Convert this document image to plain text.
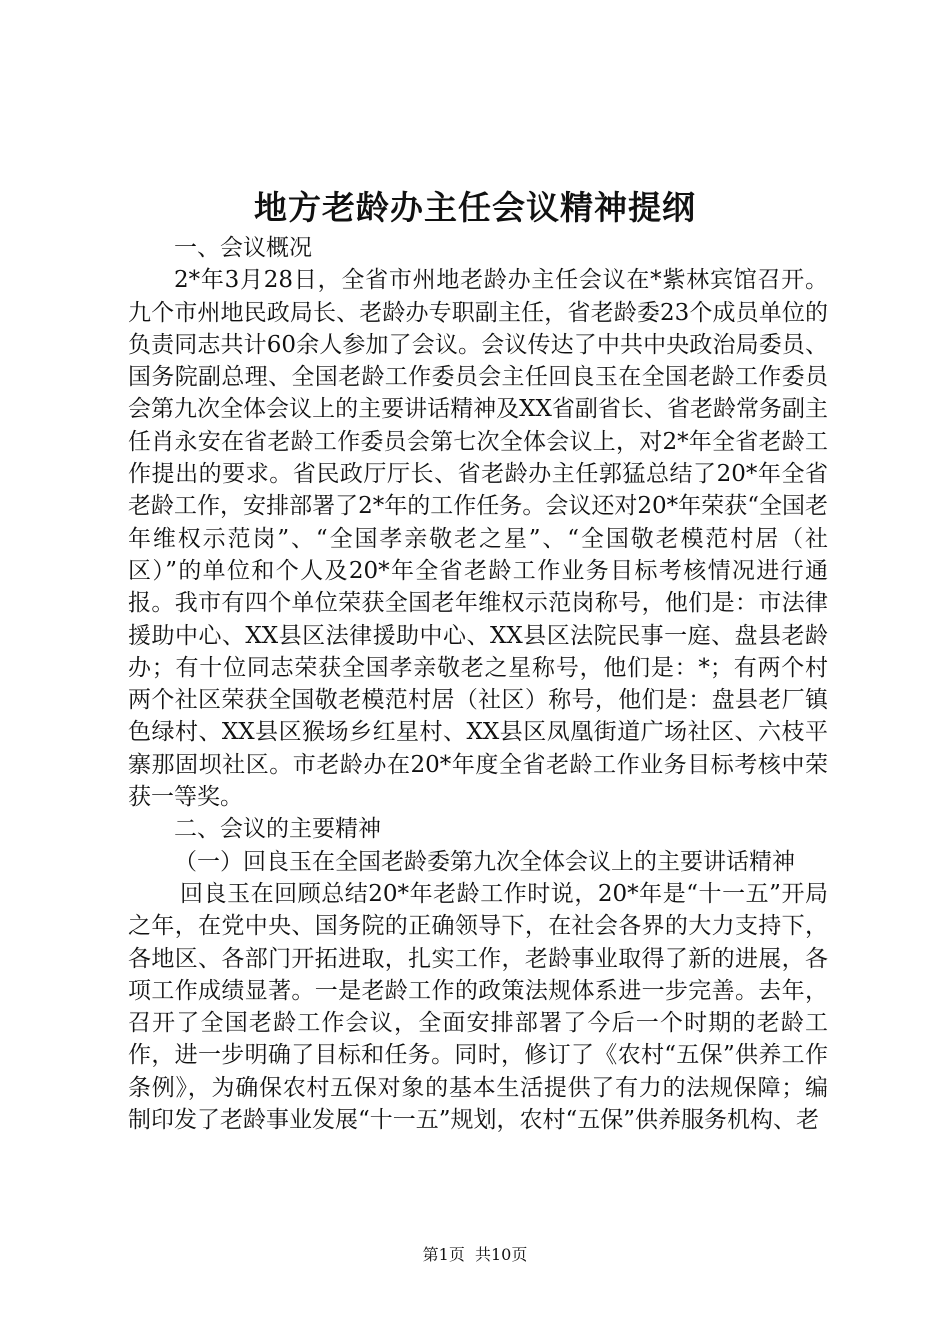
地方老龄办主任会议精神提纲

一、会议概况

2*年3月28日，全省市州地老龄办主任会议在*紫林宾馆召开。九个市州地民政局长、老龄办专职副主任，省老龄委23个成员单位的负责同志共计60余人参加了会议。会议传达了中共中央政治局委员、国务院副总理、全国老龄工作委员会主任回良玉在全国老龄工作委员会第九次全体会议上的主要讲话精神及XX省副省长、省老龄常务副主任肖永安在省老龄工作委员会第七次全体会议上，对2*年全省老龄工作提出的要求。省民政厅厅长、省老龄办主任郭猛总结了20*年全省老龄工作，安排部署了2*年的工作任务。会议还对20*年荣获“全国老年维权示范岗”、“全国孝亲敬老之星”、“全国敬老模范村居（社区）”的单位和个人及20*年全省老龄工作业务目标考核情况进行通报。我市有四个单位荣获全国老年维权示范岗称号，他们是：市法律援助中心、XX县区法律援助中心、XX县区法院民事一庭、盘县老龄办；有十位同志荣获全国孝亲敬老之星称号，他们是：*；有两个村两个社区荣获全国敬老模范村居（社区）称号，他们是：盘县老厂镇色绿村、XX县区猴场乡红星村、XX县区凤凰街道广场社区、六枝平寨那固坝社区。市老龄办在20*年度全省老龄工作业务目标考核中荣获一等奖。

二、会议的主要精神

（一）回良玉在全国老龄委第九次全体会议上的主要讲话精神

回良玉在回顾总结20*年老龄工作时说，20*年是“十一五”开局之年，在党中央、国务院的正确领导下，在社会各界的大力支持下，各地区、各部门开拓进取，扎实工作，老龄事业取得了新的进展，各项工作成绩显著。一是老龄工作的政策法规体系进一步完善。去年，召开了全国老龄工作会议，全面安排部署了今后一个时期的老龄工作，进一步明确了目标和任务。同时，修订了《农村“五保”供养工作条例》，为确保农村五保对象的基本生活提供了有力的法规保障；编制印发了老龄事业发展“十一五”规划，农村“五保”供养服务机构、老

第1页  共10页
